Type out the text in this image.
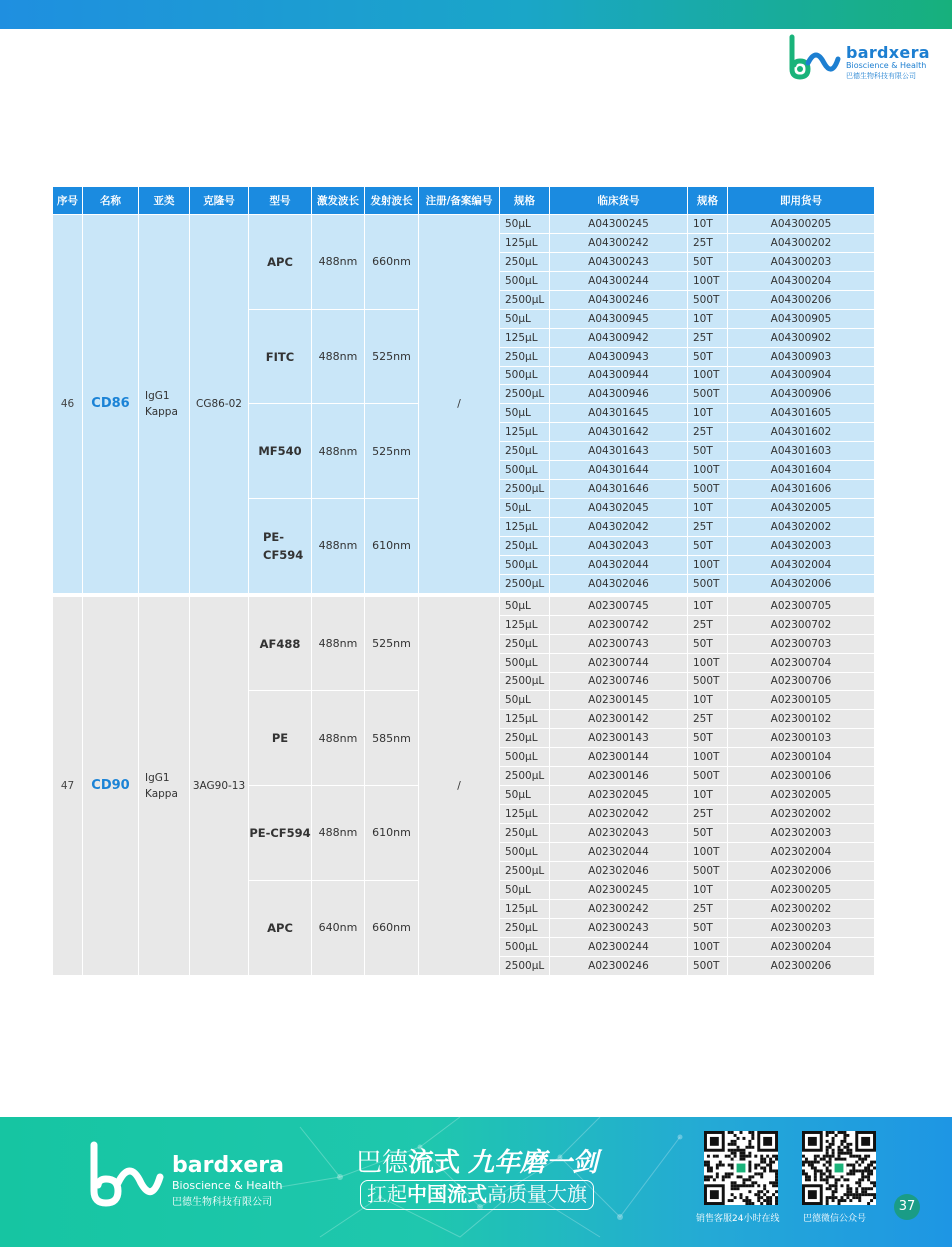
bardxera
Bioscience & Health
巴德生物科技有限公司
序号	名称	亚类	克隆号	型号	激发波长	发射波长	注册/备案编号	规格	临床货号	规格	即用货号
46	CD86	IgG1 Kappa	CG86-02	APC	488nm	660nm	/	50μL	A04300245	10T	A04300205
								125μL	A04300242	25T	A04300202
								250μL	A04300243	50T	A04300203
								500μL	A04300244	100T	A04300204
								2500μL	A04300246	500T	A04300206
				FITC	488nm	525nm		50μL	A04300945	10T	A04300905
								125μL	A04300942	25T	A04300902
								250μL	A04300943	50T	A04300903
								500μL	A04300944	100T	A04300904
								2500μL	A04300946	500T	A04300906
				MF540	488nm	525nm		50μL	A04301645	10T	A04301605
								125μL	A04301642	25T	A04301602
								250μL	A04301643	50T	A04301603
								500μL	A04301644	100T	A04301604
								2500μL	A04301646	500T	A04301606
				PE-CF594	488nm	610nm		50μL	A04302045	10T	A04302005
								125μL	A04302042	25T	A04302002
								250μL	A04302043	50T	A04302003
								500μL	A04302044	100T	A04302004
								2500μL	A04302046	500T	A04302006

47	CD90	IgG1 Kappa	3AG90-13	AF488	488nm	525nm	/	50μL	A02300745	10T	A02300705
								125μL	A02300742	25T	A02300702
								250μL	A02300743	50T	A02300703
								500μL	A02300744	100T	A02300704
								2500μL	A02300746	500T	A02300706
				PE	488nm	585nm		50μL	A02300145	10T	A02300105
								125μL	A02300142	25T	A02300102
								250μL	A02300143	50T	A02300103
								500μL	A02300144	100T	A02300104
								2500μL	A02300146	500T	A02300106
				PE-CF594	488nm	610nm		50μL	A02302045	10T	A02302005
								125μL	A02302042	25T	A02302002
								250μL	A02302043	50T	A02302003
								500μL	A02302044	100T	A02302004
								2500μL	A02302046	500T	A02302006
				APC	640nm	660nm		50μL	A02300245	10T	A02300205
								125μL	A02300242	25T	A02300202
								250μL	A02300243	50T	A02300203
								500μL	A02300244	100T	A02300204
								2500μL	A02300246	500T	A02300206
bardxera
Bioscience & Health
巴德生物科技有限公司
巴德流式 九年磨一剑
扛起中国流式高质量大旗
销售客服24小时在线	巴德微信公众号
37
